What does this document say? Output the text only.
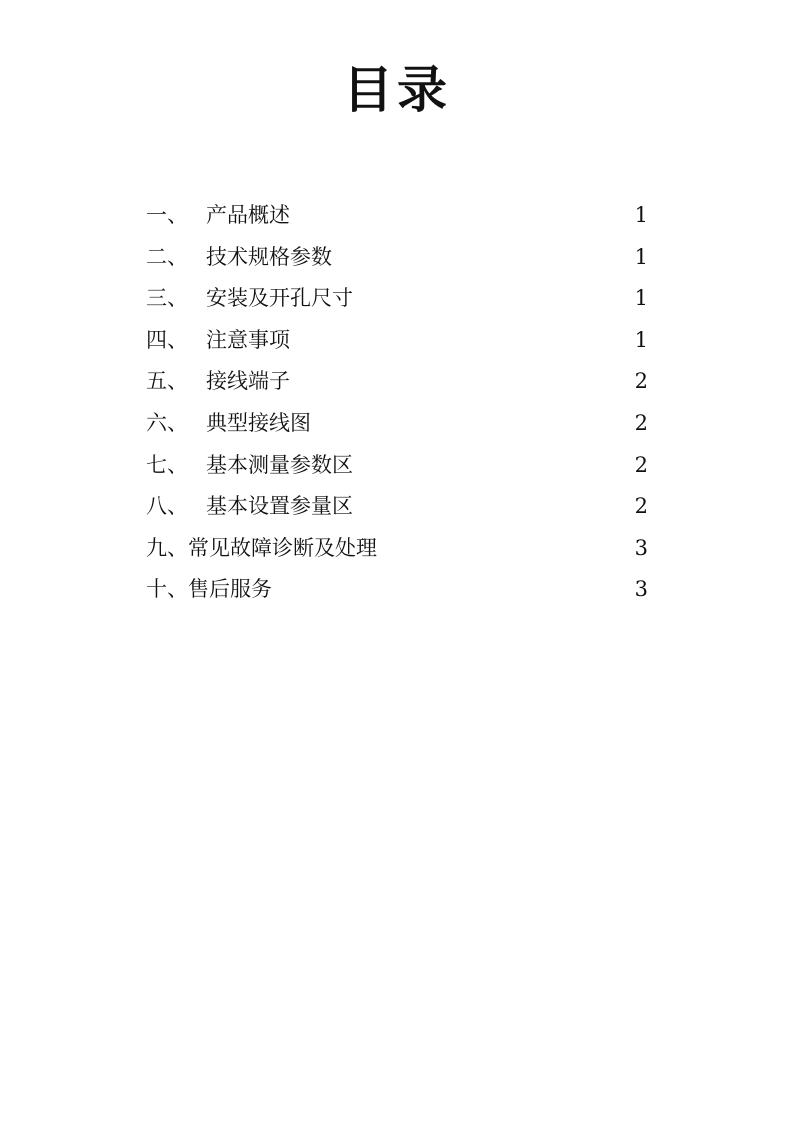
目录
一、 产品概述	1
二、 技术规格参数	1
三、 安装及开孔尺寸	1
四、 注意事项	1
五、 接线端子	2
六、 典型接线图	2
七、 基本测量参数区	2
八、 基本设置参量区	2
九、常见故障诊断及处理	3
十、售后服务	3
